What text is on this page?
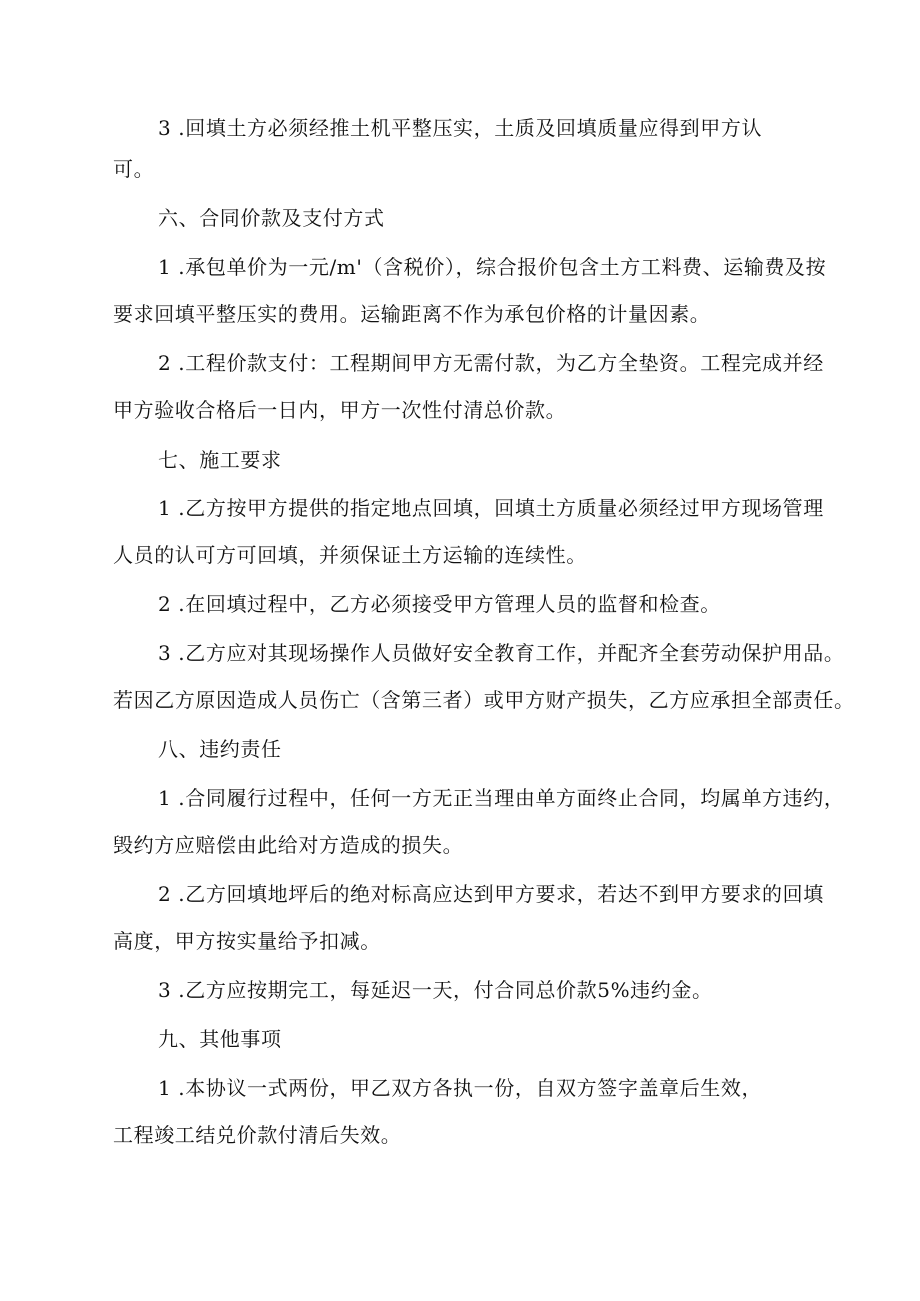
3 .回填土方必须经推土机平整压实，土质及回填质量应得到甲方认
可。
六、合同价款及支付方式
1 .承包单价为一元/m'（含税价），综合报价包含土方工料费、运输费及按
要求回填平整压实的费用。运输距离不作为承包价格的计量因素。
2 .工程价款支付：工程期间甲方无需付款，为乙方全垫资。工程完成并经
甲方验收合格后一日内，甲方一次性付清总价款。
七、施工要求
1 .乙方按甲方提供的指定地点回填，回填土方质量必须经过甲方现场管理
人员的认可方可回填，并须保证土方运输的连续性。
2 .在回填过程中，乙方必须接受甲方管理人员的监督和检查。
3 .乙方应对其现场操作人员做好安全教育工作，并配齐全套劳动保护用品。
若因乙方原因造成人员伤亡（含第三者）或甲方财产损失，乙方应承担全部责任。
八、违约责任
1 .合同履行过程中，任何一方无正当理由单方面终止合同，均属单方违约，
毁约方应赔偿由此给对方造成的损失。
2 .乙方回填地坪后的绝对标高应达到甲方要求，若达不到甲方要求的回填
高度，甲方按实量给予扣减。
3 .乙方应按期完工，每延迟一天，付合同总价款5%违约金。
九、其他事项
1 .本协议一式两份，甲乙双方各执一份，自双方签字盖章后生效，
工程竣工结兑价款付清后失效。
